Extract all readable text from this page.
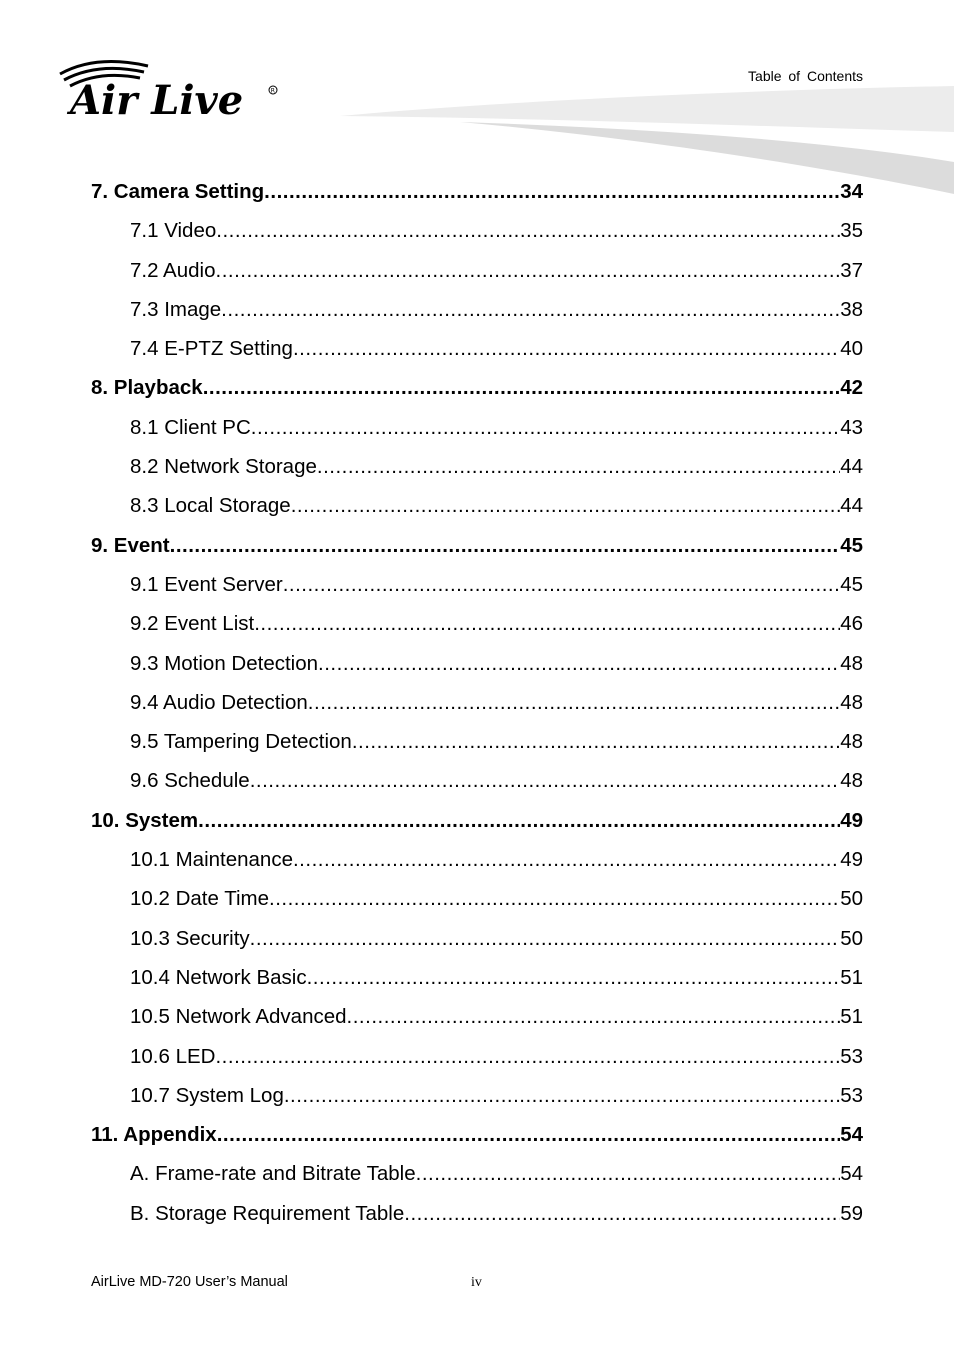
Air Live	R
Table of Contents
7. Camera Setting .....	34
7.1 Video .....	35
7.2 Audio .....	37
7.3 Image .....	38
7.4 E-PTZ Setting .....	40
8. Playback .....	42
8.1 Client PC .....	43
8.2 Network Storage .....	44
8.3 Local Storage .....	44
9. Event .....	45
9.1 Event Server .....	45
9.2 Event List .....	46
9.3 Motion Detection .....	48
9.4 Audio Detection .....	48
9.5 Tampering Detection .....	48
9.6 Schedule .....	48
10. System .....	49
10.1 Maintenance .....	49
10.2 Date Time .....	50
10.3 Security .....	50
10.4 Network Basic .....	51
10.5 Network Advanced .....	51
10.6 LED .....	53
10.7 System Log .....	53
11. Appendix .....	54
A. Frame-rate and Bitrate Table .....	54
B. Storage Requirement Table .....	59
AirLive MD-720 User’s Manual	iv
